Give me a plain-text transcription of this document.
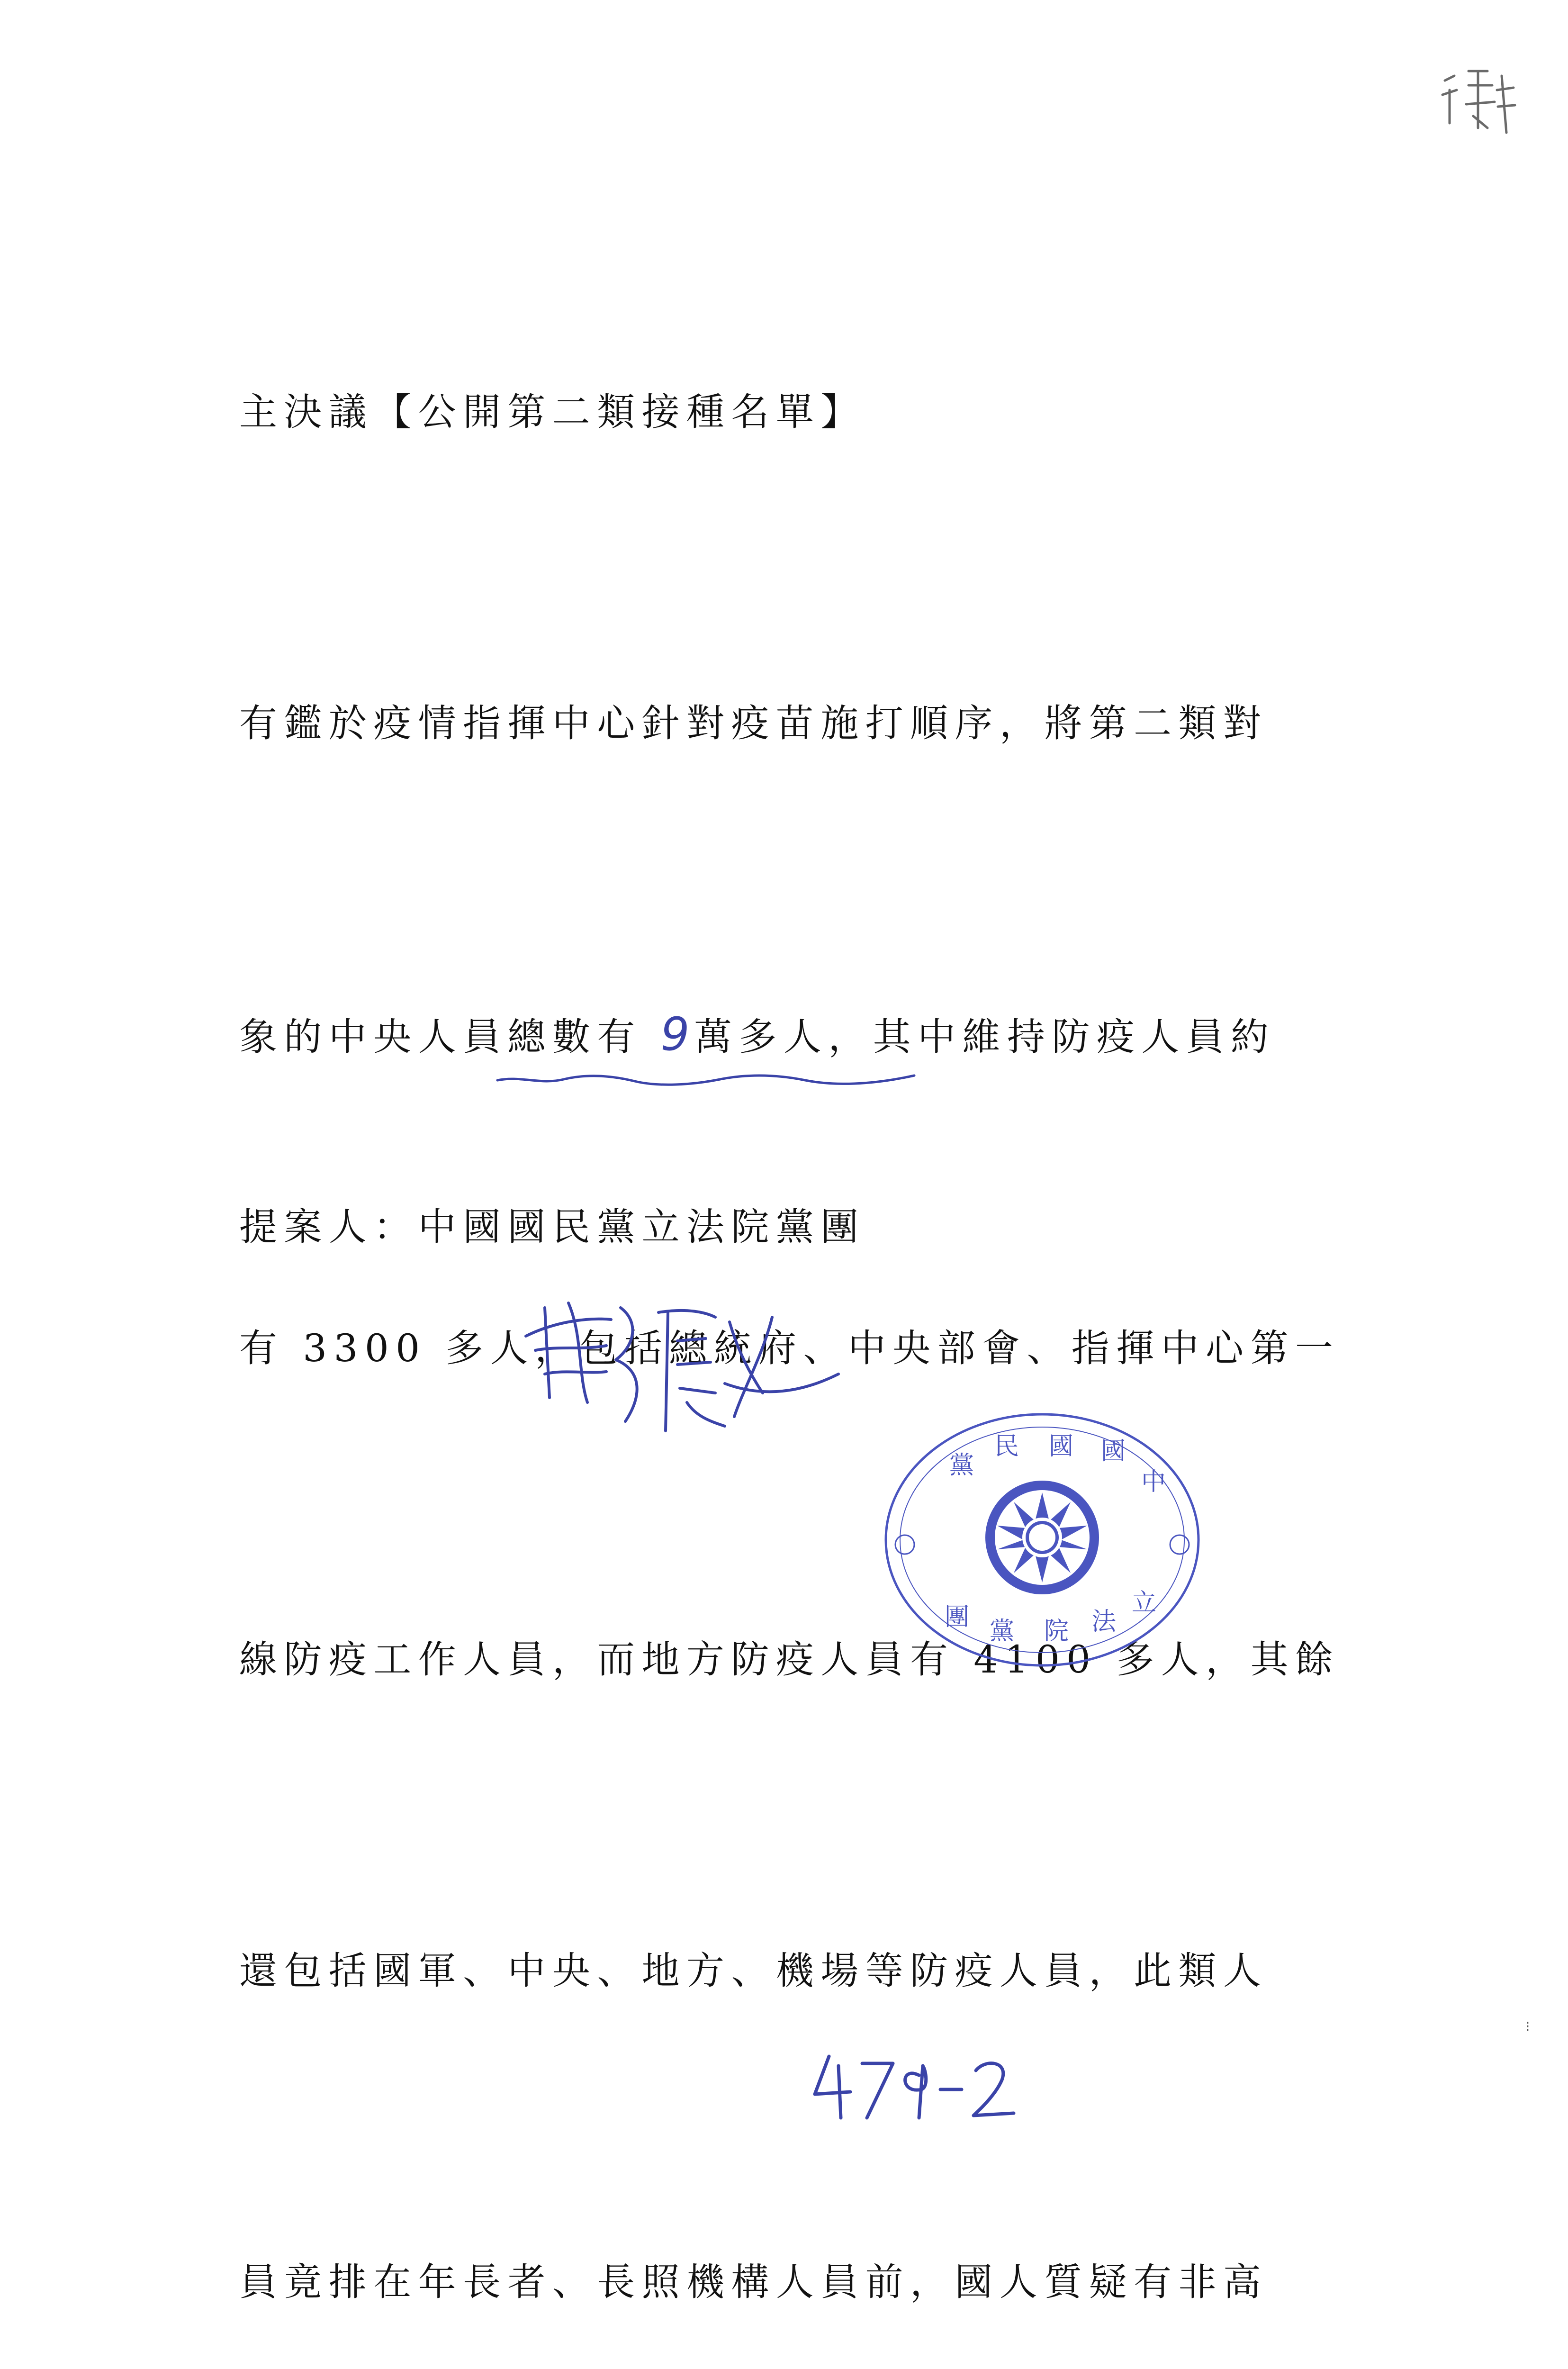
主決議【公開第二類接種名單】

有鑑於疫情指揮中心針對疫苗施打順序，將第二類對

象的中央人員總數有 9萬多人，其中維持防疫人員約

有 3300 多人，包括總統府、中央部會、指揮中心第一

線防疫工作人員，而地方防疫人員有 4100 多人，其餘

還包括國軍、中央、地方、機場等防疫人員，此類人

員竟排在年長者、長照機構人員前，國人質疑有非高

提案人：中國國民黨立法院黨團
黨
民 國 國
中
團 黨 院 法
立
⁝
